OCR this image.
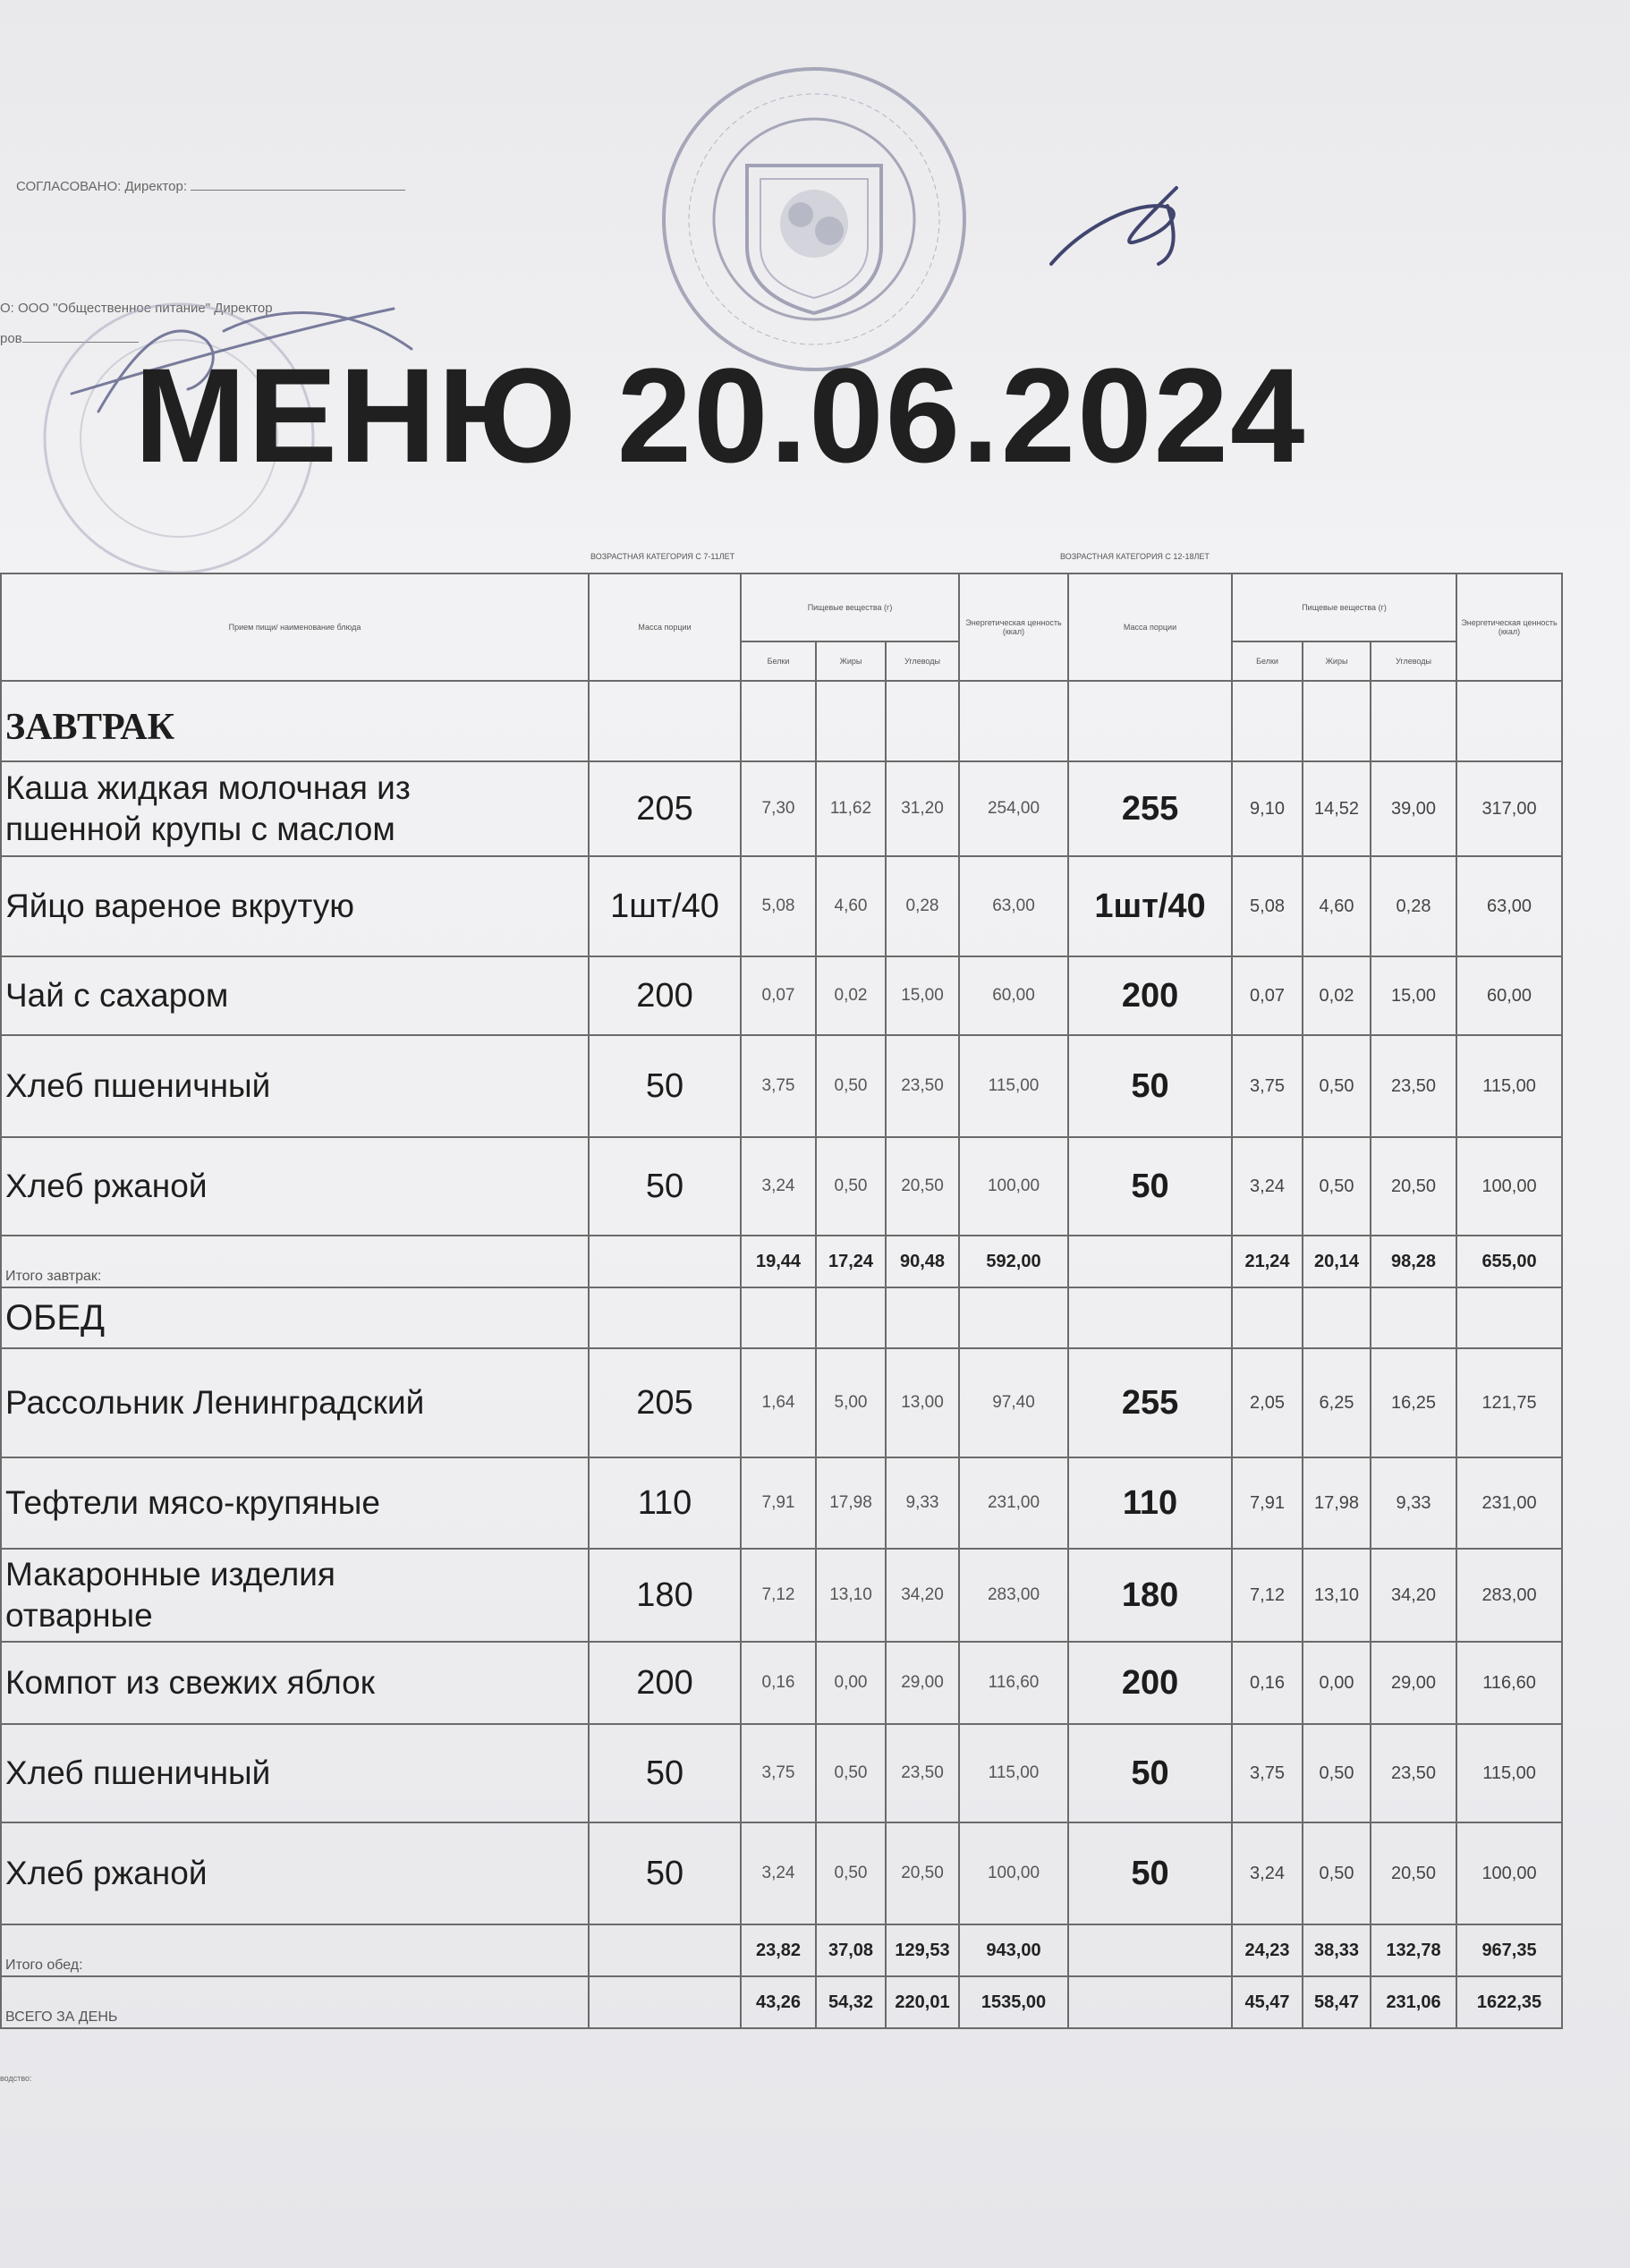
СОГЛАСОВАНО: Директор:
О: ООО "Общественное питание" Директор
ров
МЕНЮ 20.06.2024
ВОЗРАСТНАЯ КАТЕГОРИЯ С 7-11ЛЕТ	ВОЗРАСТНАЯ КАТЕГОРИЯ С 12-18ЛЕТ
Прием пищи/ наименование блюда	Масса порции	Пищевые вещества (г)			Энергетическая ценность (ккал)	Масса порции	Пищевые вещества (г)			Энергетическая ценность (ккал)
		Белки	Жиры	Углеводы			Белки	Жиры	Углеводы	
ЗАВТРАК										

Каша жидкая молочная из
пшенной крупы с маслом	205	7,30	11,62	31,20	254,00	255	9,10	14,52	39,00	317,00

Яйцо вареное вкрутую	1шт/40	5,08	4,60	0,28	63,00	1шт/40	5,08	4,60	0,28	63,00

Чай с сахаром	200	0,07	0,02	15,00	60,00	200	0,07	0,02	15,00	60,00

Хлеб пшеничный	50	3,75	0,50	23,50	115,00	50	3,75	0,50	23,50	115,00

Хлеб ржаной	50	3,24	0,50	20,50	100,00	50	3,24	0,50	20,50	100,00
Итого завтрак:		19,44	17,24	90,48	592,00		21,24	20,14	98,28	655,00
ОБЕД										

Рассольник Ленинградский	205	1,64	5,00	13,00	97,40	255	2,05	6,25	16,25	121,75

Тефтели мясо-крупяные	110	7,91	17,98	9,33	231,00	110	7,91	17,98	9,33	231,00

Макаронные изделия
отварные	180	7,12	13,10	34,20	283,00	180	7,12	13,10	34,20	283,00

Компот из свежих яблок	200	0,16	0,00	29,00	116,60	200	0,16	0,00	29,00	116,60

Хлеб пшеничный	50	3,75	0,50	23,50	115,00	50	3,75	0,50	23,50	115,00

Хлеб ржаной	50	3,24	0,50	20,50	100,00	50	3,24	0,50	20,50	100,00
Итого обед:		23,82	37,08	129,53	943,00		24,23	38,33	132,78	967,35
ВСЕГО ЗА ДЕНЬ		43,26	54,32	220,01	1535,00		45,47	58,47	231,06	1622,35
водство:
